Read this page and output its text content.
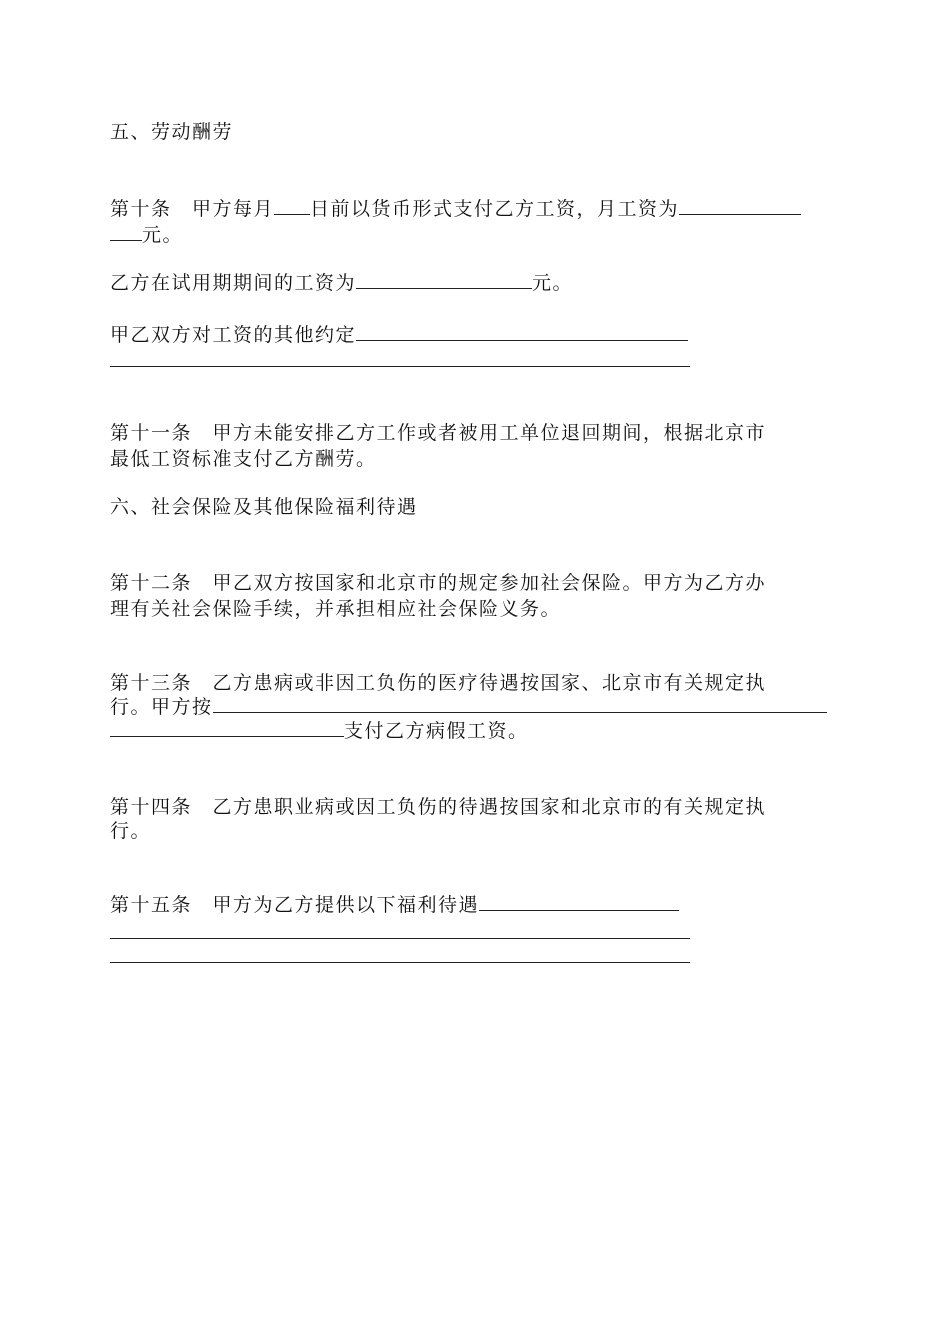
五、劳动酬劳
第十条　甲方每月 日前以货币形式支付乙方工资，月工资为
元。
乙方在试用期期间的工资为	元。
甲乙双方对工资的其他约定
第十一条　甲方未能安排乙方工作或者被用工单位退回期间，根据北京市
最低工资标准支付乙方酬劳。
六、社会保险及其他保险福利待遇
第十二条　甲乙双方按国家和北京市的规定参加社会保险。甲方为乙方办
理有关社会保险手续，并承担相应社会保险义务。
第十三条　乙方患病或非因工负伤的医疗待遇按国家、北京市有关规定执
行。甲方按
支付乙方病假工资。
第十四条　乙方患职业病或因工负伤的待遇按国家和北京市的有关规定执
行。
第十五条　甲方为乙方提供以下福利待遇
